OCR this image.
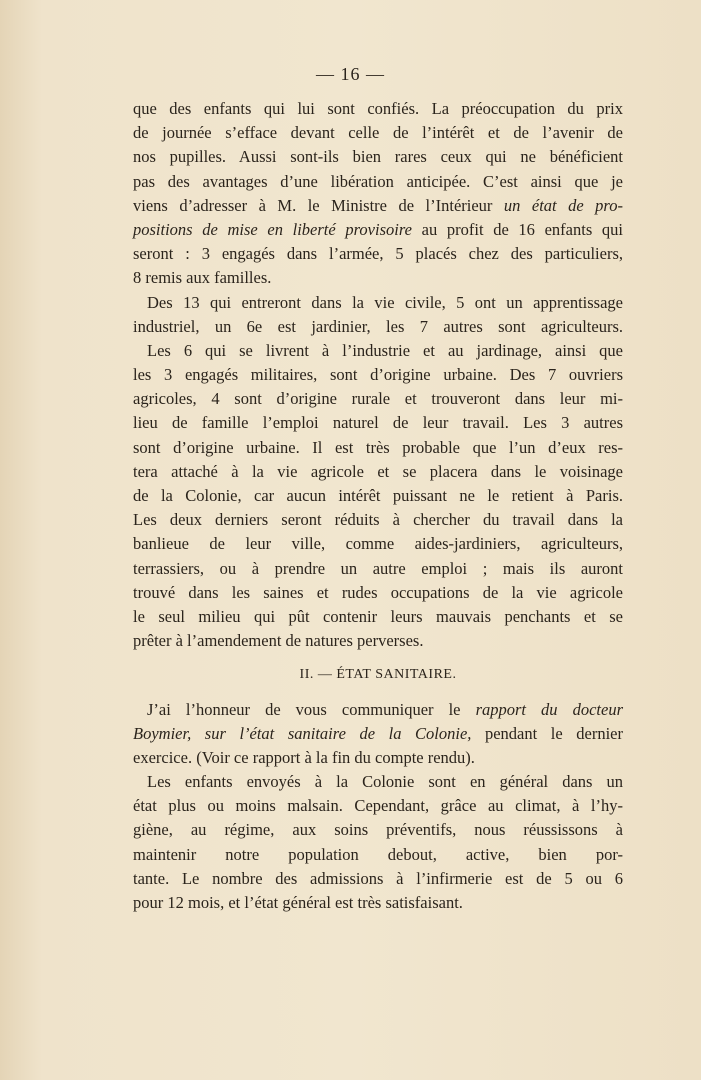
— 16 —
que des enfants qui lui sont confiés. La préoccupation du prix
de journée s’efface devant celle de l’intérêt et de l’avenir de
nos pupilles. Aussi sont-ils bien rares ceux qui ne bénéficient
pas des avantages d’une libération anticipée. C’est ainsi que je
viens d’adresser à M. le Ministre de l’Intérieur un état de pro-
positions de mise en liberté provisoire au profit de 16 enfants qui
seront : 3 engagés dans l’armée, 5 placés chez des particuliers,
8 remis aux familles.
Des 13 qui entreront dans la vie civile, 5 ont un apprentissage
industriel, un 6e est jardinier, les 7 autres sont agriculteurs.
Les 6 qui se livrent à l’industrie et au jardinage, ainsi que
les 3 engagés militaires, sont d’origine urbaine. Des 7 ouvriers
agricoles, 4 sont d’origine rurale et trouveront dans leur mi-
lieu de famille l’emploi naturel de leur travail. Les 3 autres
sont d’origine urbaine. Il est très probable que l’un d’eux res-
tera attaché à la vie agricole et se placera dans le voisinage
de la Colonie, car aucun intérêt puissant ne le retient à Paris.
Les deux derniers seront réduits à chercher du travail dans la
banlieue de leur ville, comme aides-jardiniers, agriculteurs,
terrassiers, ou à prendre un autre emploi ; mais ils auront
trouvé dans les saines et rudes occupations de la vie agricole
le seul milieu qui pût contenir leurs mauvais penchants et se
prêter à l’amendement de natures perverses.
II. — ÉTAT SANITAIRE.
J’ai l’honneur de vous communiquer le rapport du docteur
Boymier, sur l’état sanitaire de la Colonie, pendant le dernier
exercice. (Voir ce rapport à la fin du compte rendu).
Les enfants envoyés à la Colonie sont en général dans un
état plus ou moins malsain. Cependant, grâce au climat, à l’hy-
giène, au régime, aux soins préventifs, nous réussissons à
maintenir notre population debout, active, bien por-
tante. Le nombre des admissions à l’infirmerie est de 5 ou 6
pour 12 mois, et l’état général est très satisfaisant.
